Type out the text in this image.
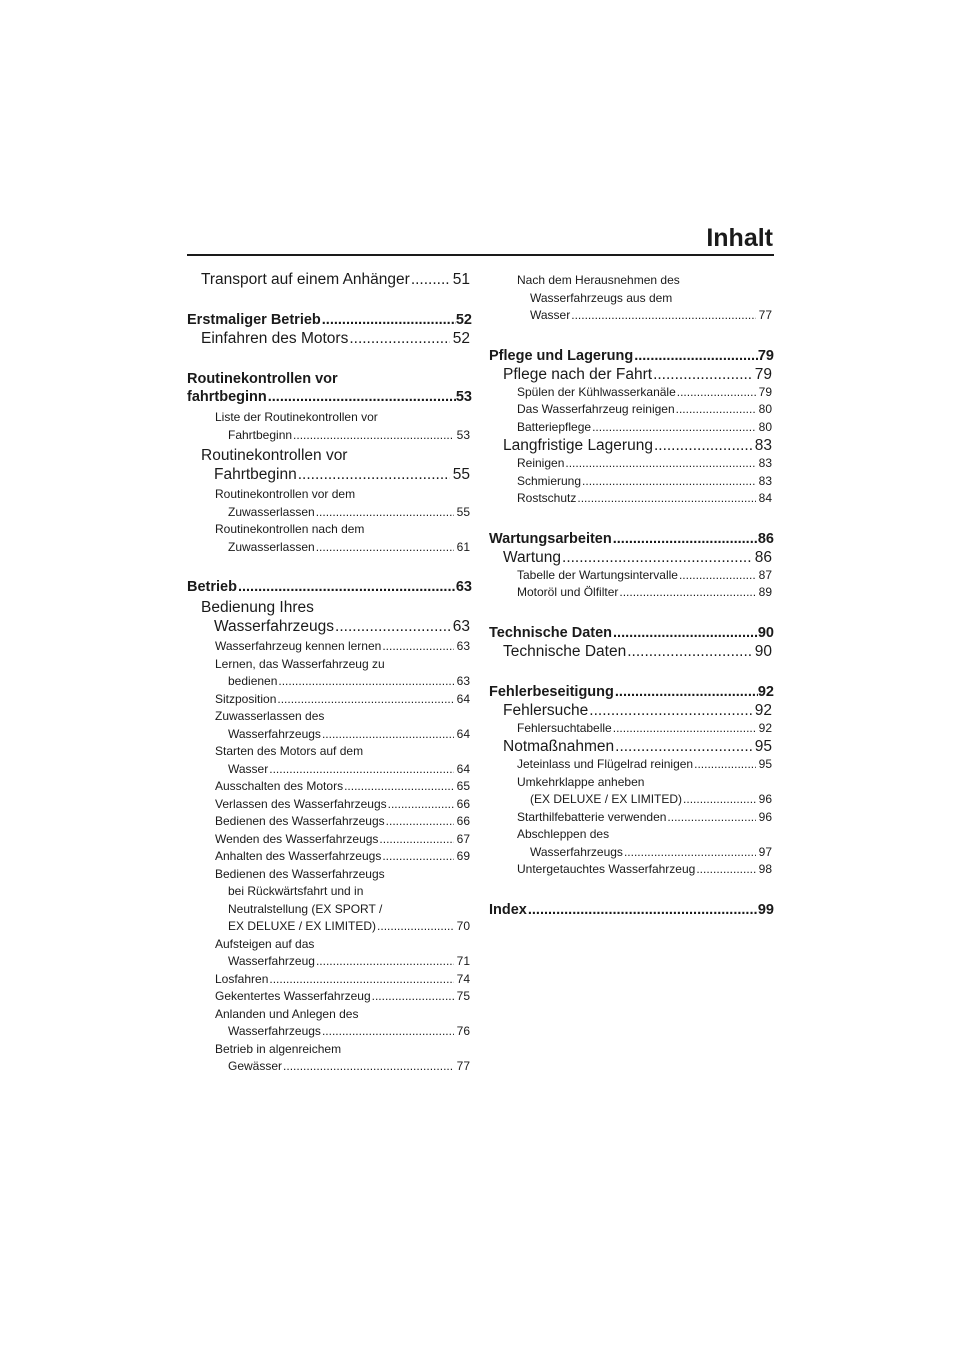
Inhalt
Transport auf einem Anhänger .....	51
Erstmaliger Betrieb .....	52
Einfahren des Motors .....	52
Routinekontrollen vor
fahrtbeginn .....	53
Liste der Routinekontrollen vor
Fahrtbeginn .....	53
Routinekontrollen vor
Fahrtbeginn .....	55
Routinekontrollen vor dem
Zuwasserlassen .....	55
Routinekontrollen nach dem
Zuwasserlassen .....	61
Betrieb .....	63
Bedienung Ihres
Wasserfahrzeugs .....	63
Wasserfahrzeug kennen lernen .....	63
Lernen, das Wasserfahrzeug zu
bedienen .....	63
Sitzposition .....	64
Zuwasserlassen des
Wasserfahrzeugs .....	64
Starten des Motors auf dem
Wasser .....	64
Ausschalten des Motors .....	65
Verlassen des Wasserfahrzeugs .....	66
Bedienen des Wasserfahrzeugs .....	66
Wenden des Wasserfahrzeugs .....	67
Anhalten des Wasserfahrzeugs .....	69
Bedienen des Wasserfahrzeugs
bei Rückwärtsfahrt und in
Neutralstellung (EX SPORT /
EX DELUXE / EX LIMITED) .....	70
Aufsteigen auf das
Wasserfahrzeug .....	71
Losfahren .....	74
Gekentertes Wasserfahrzeug .....	75
Anlanden und Anlegen des
Wasserfahrzeugs .....	76
Betrieb in algenreichem
Gewässer .....	77
Nach dem Herausnehmen des
Wasserfahrzeugs aus dem
Wasser .....	77
Pflege und Lagerung .....	79
Pflege nach der Fahrt .....	79
Spülen der Kühlwasserkanäle .....	79
Das Wasserfahrzeug reinigen .....	80
Batteriepflege .....	80
Langfristige Lagerung .....	83
Reinigen .....	83
Schmierung .....	83
Rostschutz .....	84
Wartungsarbeiten .....	86
Wartung .....	86
Tabelle der Wartungsintervalle .....	87
Motoröl und Ölfilter .....	89
Technische Daten .....	90
Technische Daten .....	90
Fehlerbeseitigung .....	92
Fehlersuche .....	92
Fehlersuchtabelle .....	92
Notmaßnahmen .....	95
Jeteinlass und Flügelrad reinigen .....	95
Umkehrklappe anheben
(EX DELUXE / EX LIMITED) .....	96
Starthilfebatterie verwenden .....	96
Abschleppen des
Wasserfahrzeugs .....	97
Untergetauchtes Wasserfahrzeug .....	98
Index .....	99
